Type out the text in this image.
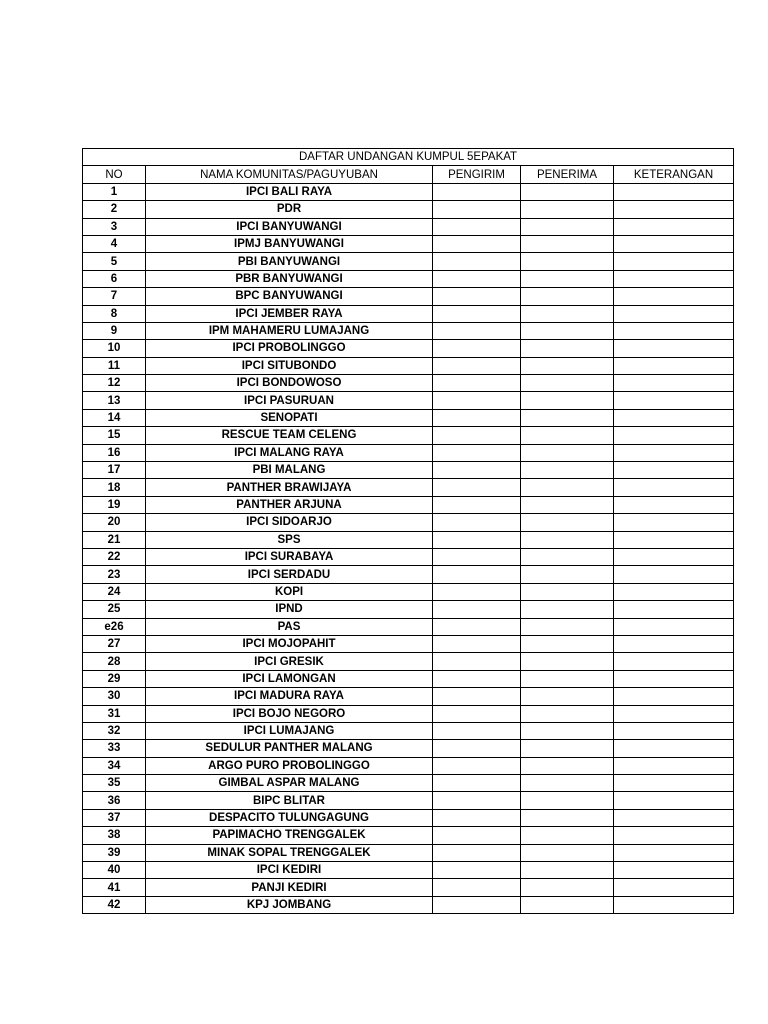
DAFTAR UNDANGAN KUMPUL 5EPAKAT				
NO	NAMA KOMUNITAS/PAGUYUBAN	PENGIRIM	PENERIMA	KETERANGAN
1	IPCI BALI RAYA			
2	PDR			
3	IPCI BANYUWANGI			
4	IPMJ BANYUWANGI			
5	PBI BANYUWANGI			
6	PBR BANYUWANGI			
7	BPC BANYUWANGI			
8	IPCI JEMBER RAYA			
9	IPM MAHAMERU LUMAJANG			
10	IPCI PROBOLINGGO			
11	IPCI SITUBONDO			
12	IPCI BONDOWOSO			
13	IPCI PASURUAN			
14	SENOPATI			
15	RESCUE TEAM CELENG			
16	IPCI MALANG RAYA			
17	PBI MALANG			
18	PANTHER BRAWIJAYA			
19	PANTHER ARJUNA			
20	IPCI SIDOARJO			
21	SPS			
22	IPCI SURABAYA			
23	IPCI SERDADU			
24	KOPI			
25	IPND			
e26	PAS			
27	IPCI MOJOPAHIT			
28	IPCI GRESIK			
29	IPCI LAMONGAN			
30	IPCI MADURA RAYA			
31	IPCI BOJO NEGORO			
32	IPCI LUMAJANG			
33	SEDULUR PANTHER MALANG			
34	ARGO PURO PROBOLINGGO			
35	GIMBAL ASPAR MALANG			
36	BIPC BLITAR			
37	DESPACITO TULUNGAGUNG			
38	PAPIMACHO TRENGGALEK			
39	MINAK SOPAL TRENGGALEK			
40	IPCI KEDIRI			
41	PANJI KEDIRI			
42	KPJ JOMBANG			
